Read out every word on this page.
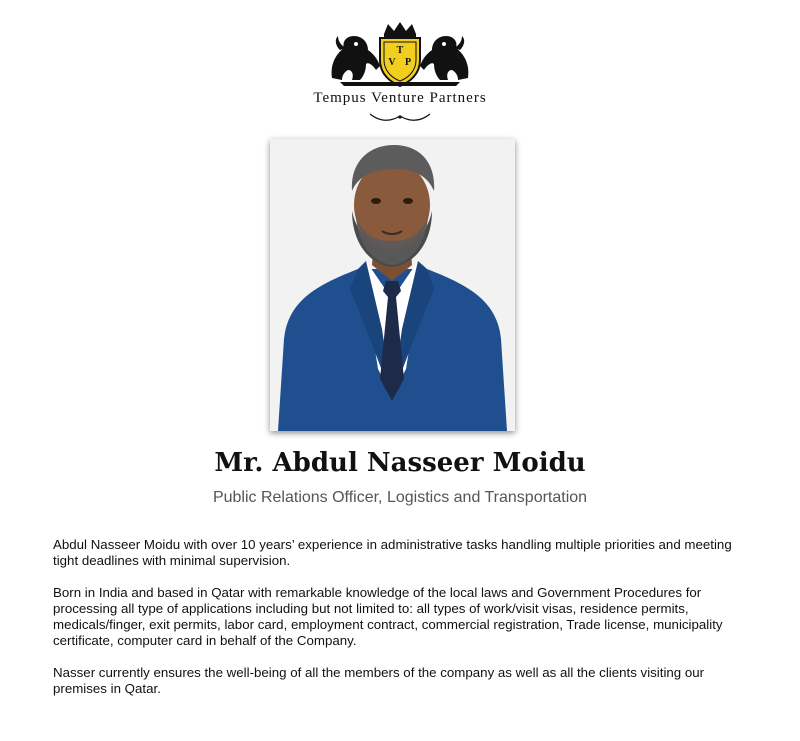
T
V P
Tempus Venture Partners
Mr. Abdul Nasseer Moidu
Public Relations Officer, Logistics and Transportation

Abdul Nasseer Moidu with over 10 years’ experience in administrative tasks handling multiple priorities and meeting tight deadlines with minimal supervision.

Born in India and based in Qatar with remarkable knowledge of the local laws and Government Procedures for processing all type of applications including but not limited to: all types of work/visit visas, residence permits, medicals/finger, exit permits, labor card, employment contract, commercial registration, Trade license, municipality certificate, computer card in behalf of the Company.

Nasser currently ensures the well-being of all the members of the company as well as all the clients visiting our premises in Qatar.
